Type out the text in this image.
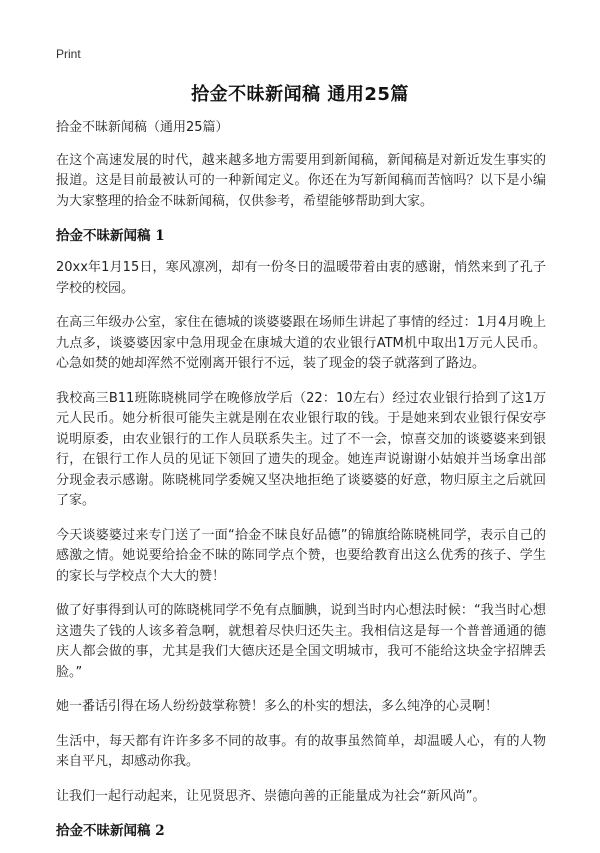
Print
拾金不昧新闻稿 通用25篇

拾金不昧新闻稿（通用25篇）

在这个高速发展的时代，越来越多地方需要用到新闻稿，新闻稿是对新近发生事实的报道。这是目前最被认可的一种新闻定义。你还在为写新闻稿而苦恼吗？以下是小编为大家整理的拾金不昧新闻稿，仅供参考，希望能够帮助到大家。

拾金不昧新闻稿 1

20xx年1月15日，寒风凛冽，却有一份冬日的温暖带着由衷的感谢，悄然来到了孔子学校的校园。

在高三年级办公室，家住在德城的谈婆婆跟在场师生讲起了事情的经过：1月4月晚上九点多，谈婆婆因家中急用现金在康城大道的农业银行ATM机中取出1万元人民币。心急如焚的她却浑然不觉刚离开银行不远，装了现金的袋子就落到了路边。

我校高三B11班陈晓桃同学在晚修放学后（22：10左右）经过农业银行拾到了这1万元人民币。她分析很可能失主就是刚在农业银行取的钱。于是她来到农业银行保安亭说明原委，由农业银行的工作人员联系失主。过了不一会，惊喜交加的谈婆婆来到银行，在银行工作人员的见证下领回了遗失的现金。她连声说谢谢小姑娘并当场拿出部分现金表示感谢。陈晓桃同学委婉又坚决地拒绝了谈婆婆的好意，物归原主之后就回了家。

今天谈婆婆过来专门送了一面“拾金不昧良好品德”的锦旗给陈晓桃同学，表示自己的感激之情。她说要给拾金不昧的陈同学点个赞，也要给教育出这么优秀的孩子、学生的家长与学校点个大大的赞！

做了好事得到认可的陈晓桃同学不免有点腼腆，说到当时内心想法时候：“我当时心想这遗失了钱的人该多着急啊，就想着尽快归还失主。我相信这是每一个普普通通的德庆人都会做的事，尤其是我们大德庆还是全国文明城市，我可不能给这块金字招牌丢脸。”

她一番话引得在场人纷纷鼓掌称赞！多么的朴实的想法，多么纯净的心灵啊！

生活中，每天都有许许多多不同的故事。有的故事虽然简单，却温暖人心，有的人物来自平凡，却感动你我。

让我们一起行动起来，让见贤思齐、崇德向善的正能量成为社会“新风尚”。

拾金不昧新闻稿 2
